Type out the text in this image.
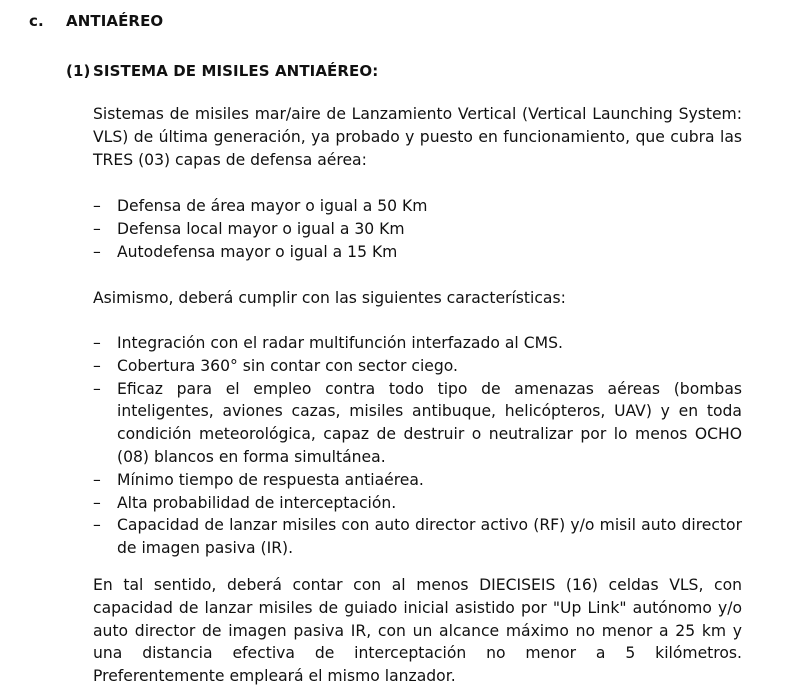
c. ANTIAÉREO
(1) SISTEMA DE MISILES ANTIAÉREO:

Sistemas de misiles mar/aire de Lanzamiento Vertical (Vertical Launching System: VLS) de última generación, ya probado y puesto en funcionamiento, que cubra las TRES (03) capas de defensa aérea:

– Defensa de área mayor o igual a 50 Km
– Defensa local mayor o igual a 30 Km
– Autodefensa mayor o igual a 15 Km

Asimismo, deberá cumplir con las siguientes características:

– Integración con el radar multifunción interfazado al CMS.
– Cobertura 360° sin contar con sector ciego.
– Eficaz para el empleo contra todo tipo de amenazas aéreas (bombas inteligentes, aviones cazas, misiles antibuque, helicópteros, UAV) y en toda condición meteorológica, capaz de destruir o neutralizar por lo menos OCHO (08) blancos en forma simultánea.
– Mínimo tiempo de respuesta antiaérea.
– Alta probabilidad de interceptación.
– Capacidad de lanzar misiles con auto director activo (RF) y/o misil auto director de imagen pasiva (IR).

En tal sentido, deberá contar con al menos DIECISEIS (16) celdas VLS, con capacidad de lanzar misiles de guiado inicial asistido por "Up Link" autónomo y/o auto director de imagen pasiva IR, con un alcance máximo no menor a 25 km y una distancia efectiva de interceptación no menor a 5 kilómetros. Preferentemente empleará el mismo lanzador.
